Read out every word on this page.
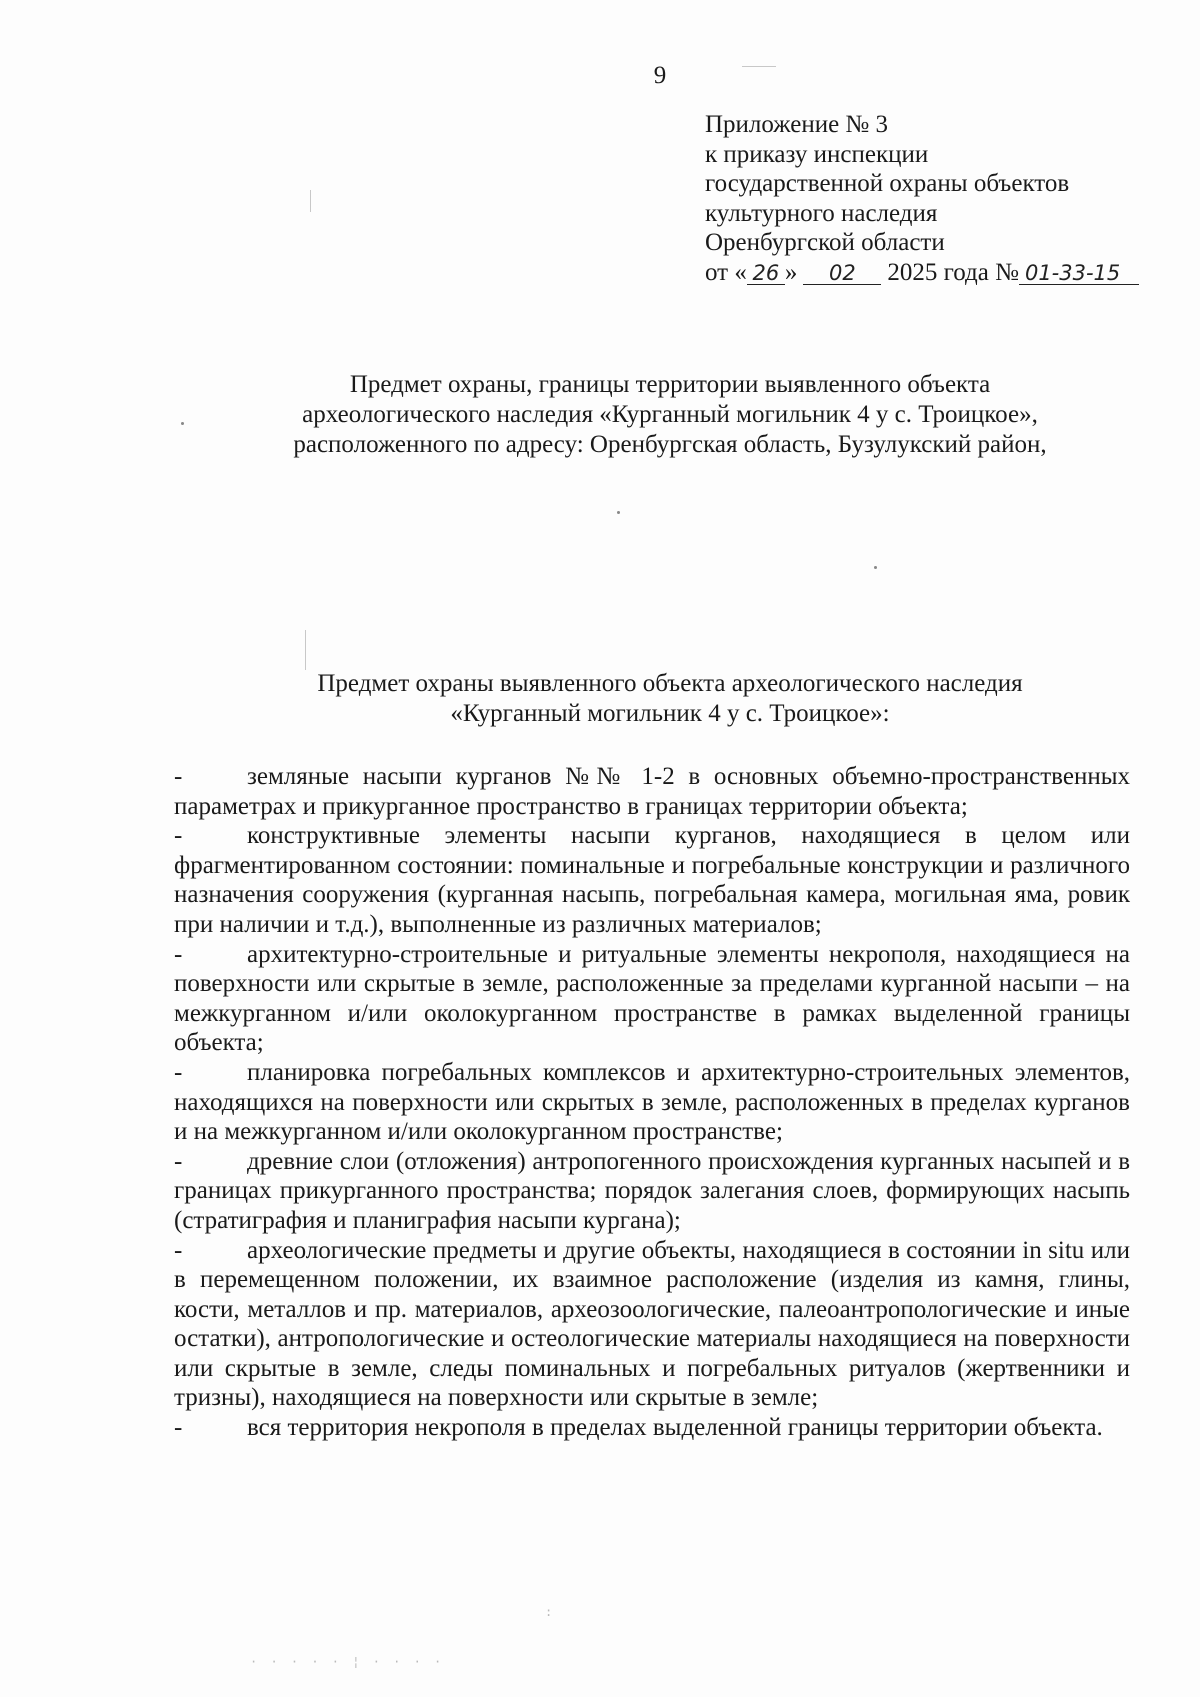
9
Приложение № 3
к приказу инспекции
государственной охраны объектов
культурного наследия
Оренбургской области
от « 26 » 02 2025 года № 01-33-15
Предмет охраны, границы территории выявленного объекта
археологического наследия «Курганный могильник 4 у с. Троицкое»,
расположенного по адресу: Оренбургская область, Бузулукский район,
Предмет охраны выявленного объекта археологического наследия
«Курганный могильник 4 у с. Троицкое»:

-	земляные насыпи курганов №№ 1-2 в основных объемно-пространственных параметрах и прикурганное пространство в границах территории объекта;

-	конструктивные элементы насыпи курганов, находящиеся в целом или фрагментированном состоянии: поминальные и погребальные конструкции и различного назначения сооружения (курганная насыпь, погребальная камера, могильная яма, ровик при наличии и т.д.), выполненные из различных материалов;

-	архитектурно-строительные и ритуальные элементы некрополя, находящиеся на поверхности или скрытые в земле, расположенные за пределами курганной насыпи – на межкурганном и/или околокурганном пространстве в рамках выделенной границы объекта;

-	планировка погребальных комплексов и архитектурно-строительных элементов, находящихся на поверхности или скрытых в земле, расположенных в пределах курганов и на межкурганном и/или околокурганном пространстве;

-	древние слои (отложения) антропогенного происхождения курганных насыпей и в границах прикурганного пространства; порядок залегания слоев, формирующих насыпь (стратиграфия и планиграфия насыпи кургана);

-	археологические предметы и другие объекты, находящиеся в состоянии in situ или в перемещенном положении, их взаимное расположение (изделия из камня, глины, кости, металлов и пр. материалов, археозоологические, палеоантропологические и иные остатки), антропологические и остеологические материалы находящиеся на поверхности или скрытые в земле, следы поминальных и погребальных ритуалов (жертвенники и тризны), находящиеся на поверхности или скрытые в земле;

-	вся территория некрополя в пределах выделенной границы территории объекта.

· · · · · ¦ · · · ·
:
